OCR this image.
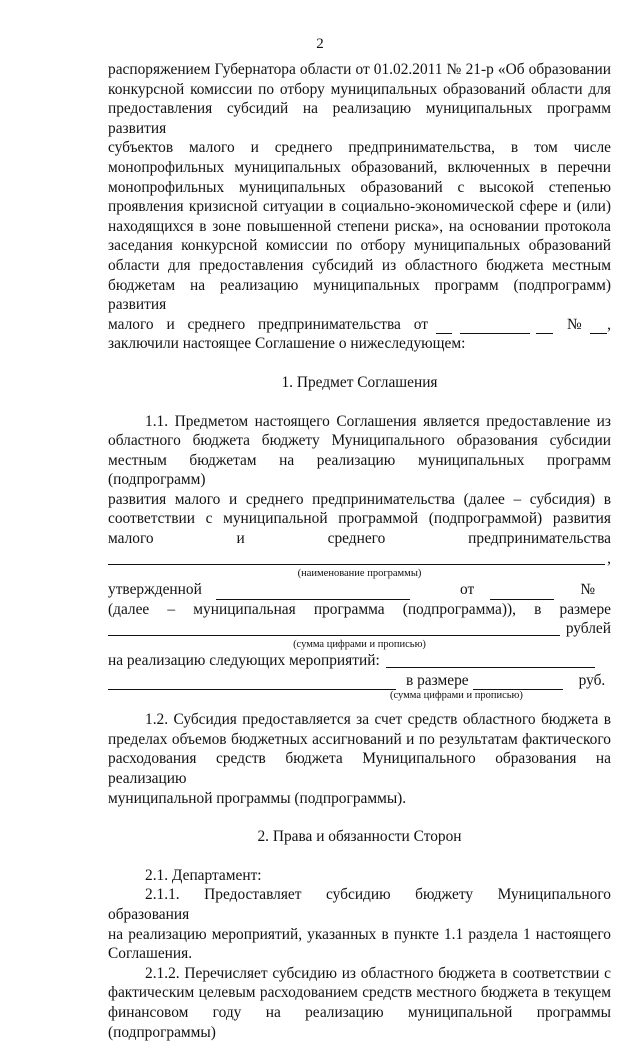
2
распоряжением Губернатора области от 01.02.2011 № 21-р «Об образовании
конкурсной комиссии по отбору муниципальных образований области для
предоставления субсидий на реализацию муниципальных программ развития
субъектов малого и среднего предпринимательства, в том числе
монопрофильных муниципальных образований, включенных в перечни
монопрофильных муниципальных образований с высокой степенью
проявления кризисной ситуации в социально-экономической сфере и (или)
находящихся в зоне повышенной степени риска», на основании протокола
заседания конкурсной комиссии по отбору муниципальных образований
области для предоставления субсидий из областного бюджета местным
бюджетам на реализацию муниципальных программ (подпрограмм) развития
малого и среднего предпринимательства от	№ ,
заключили настоящее Соглашение о нижеследующем:
1. Предмет Соглашения
1.1. Предметом настоящего Соглашения является предоставление из
областного бюджета бюджету Муниципального образования субсидии
местным бюджетам на реализацию муниципальных программ (подпрограмм)
развития малого и среднего предпринимательства (далее – субсидия) в
соответствии с муниципальной программой (подпрограммой) развития
малого и среднего предпринимательства
,
(наименование программы)
утвержденной	от	№
(далее – муниципальная программа (подпрограмма)), в размере
рублей
(сумма цифрами и прописью)
на реализацию следующих мероприятий:
в размере	руб.
(сумма цифрами и прописью)
1.2. Субсидия предоставляется за счет средств областного бюджета в
пределах объемов бюджетных ассигнований и по результатам фактического
расходования средств бюджета Муниципального образования на реализацию
муниципальной программы (подпрограммы).
2. Права и обязанности Сторон
2.1. Департамент:
2.1.1. Предоставляет субсидию бюджету Муниципального образования
на реализацию мероприятий, указанных в пункте 1.1 раздела 1 настоящего
Соглашения.
2.1.2. Перечисляет субсидию из областного бюджета в соответствии с
фактическим целевым расходованием средств местного бюджета в текущем
финансовом году на реализацию муниципальной программы (подпрограммы)
